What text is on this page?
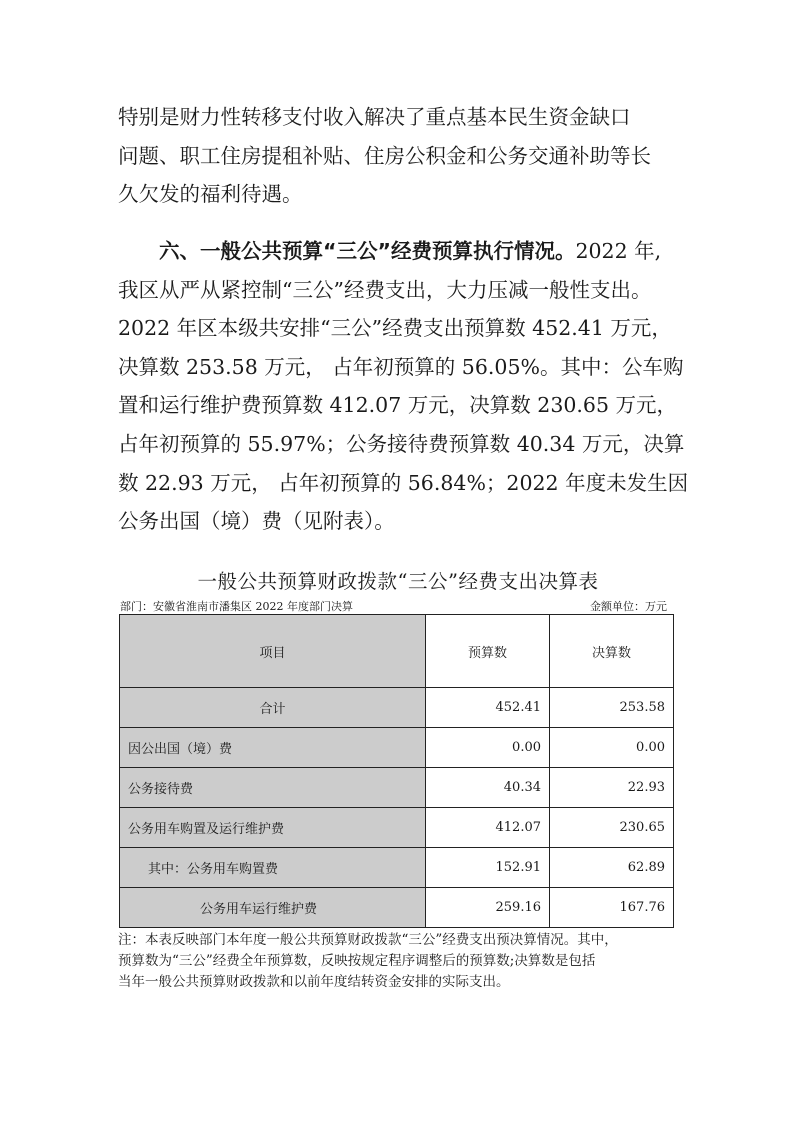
特别是财力性转移支付收入解决了重点基本民生资金缺口
问题、职工住房提租补贴、住房公积金和公务交通补助等长
久欠发的福利待遇。
六、一般公共预算“三公”经费预算执行情况。2022 年,
我区从严从紧控制“三公”经费支出，大力压减一般性支出。
2022 年区本级共安排“三公”经费支出预算数 452.41 万元，
决算数 253.58 万元， 占年初预算的 56.05%。其中：公车购
置和运行维护费预算数 412.07 万元，决算数 230.65 万元，
占年初预算的 55.97%；公务接待费预算数 40.34 万元，决算
数 22.93 万元， 占年初预算的 56.84%；2022 年度未发生因
公务出国（境）费（见附表）。
一般公共预算财政拨款“三公”经费支出决算表
部门：安徽省淮南市潘集区 2022 年度部门决算	金额单位：万元
项目	预算数	决算数
合计	452.41	253.58
因公出国（境）费	0.00	0.00
公务接待费	40.34	22.93
公务用车购置及运行维护费	412.07	230.65
其中：公务用车购置费	152.91	62.89
公务用车运行维护费	259.16	167.76
注：本表反映部门本年度一般公共预算财政拨款“三公”经费支出预决算情况。其中，
预算数为“三公”经费全年预算数，反映按规定程序调整后的预算数;决算数是包括
当年一般公共预算财政拨款和以前年度结转资金安排的实际支出。
